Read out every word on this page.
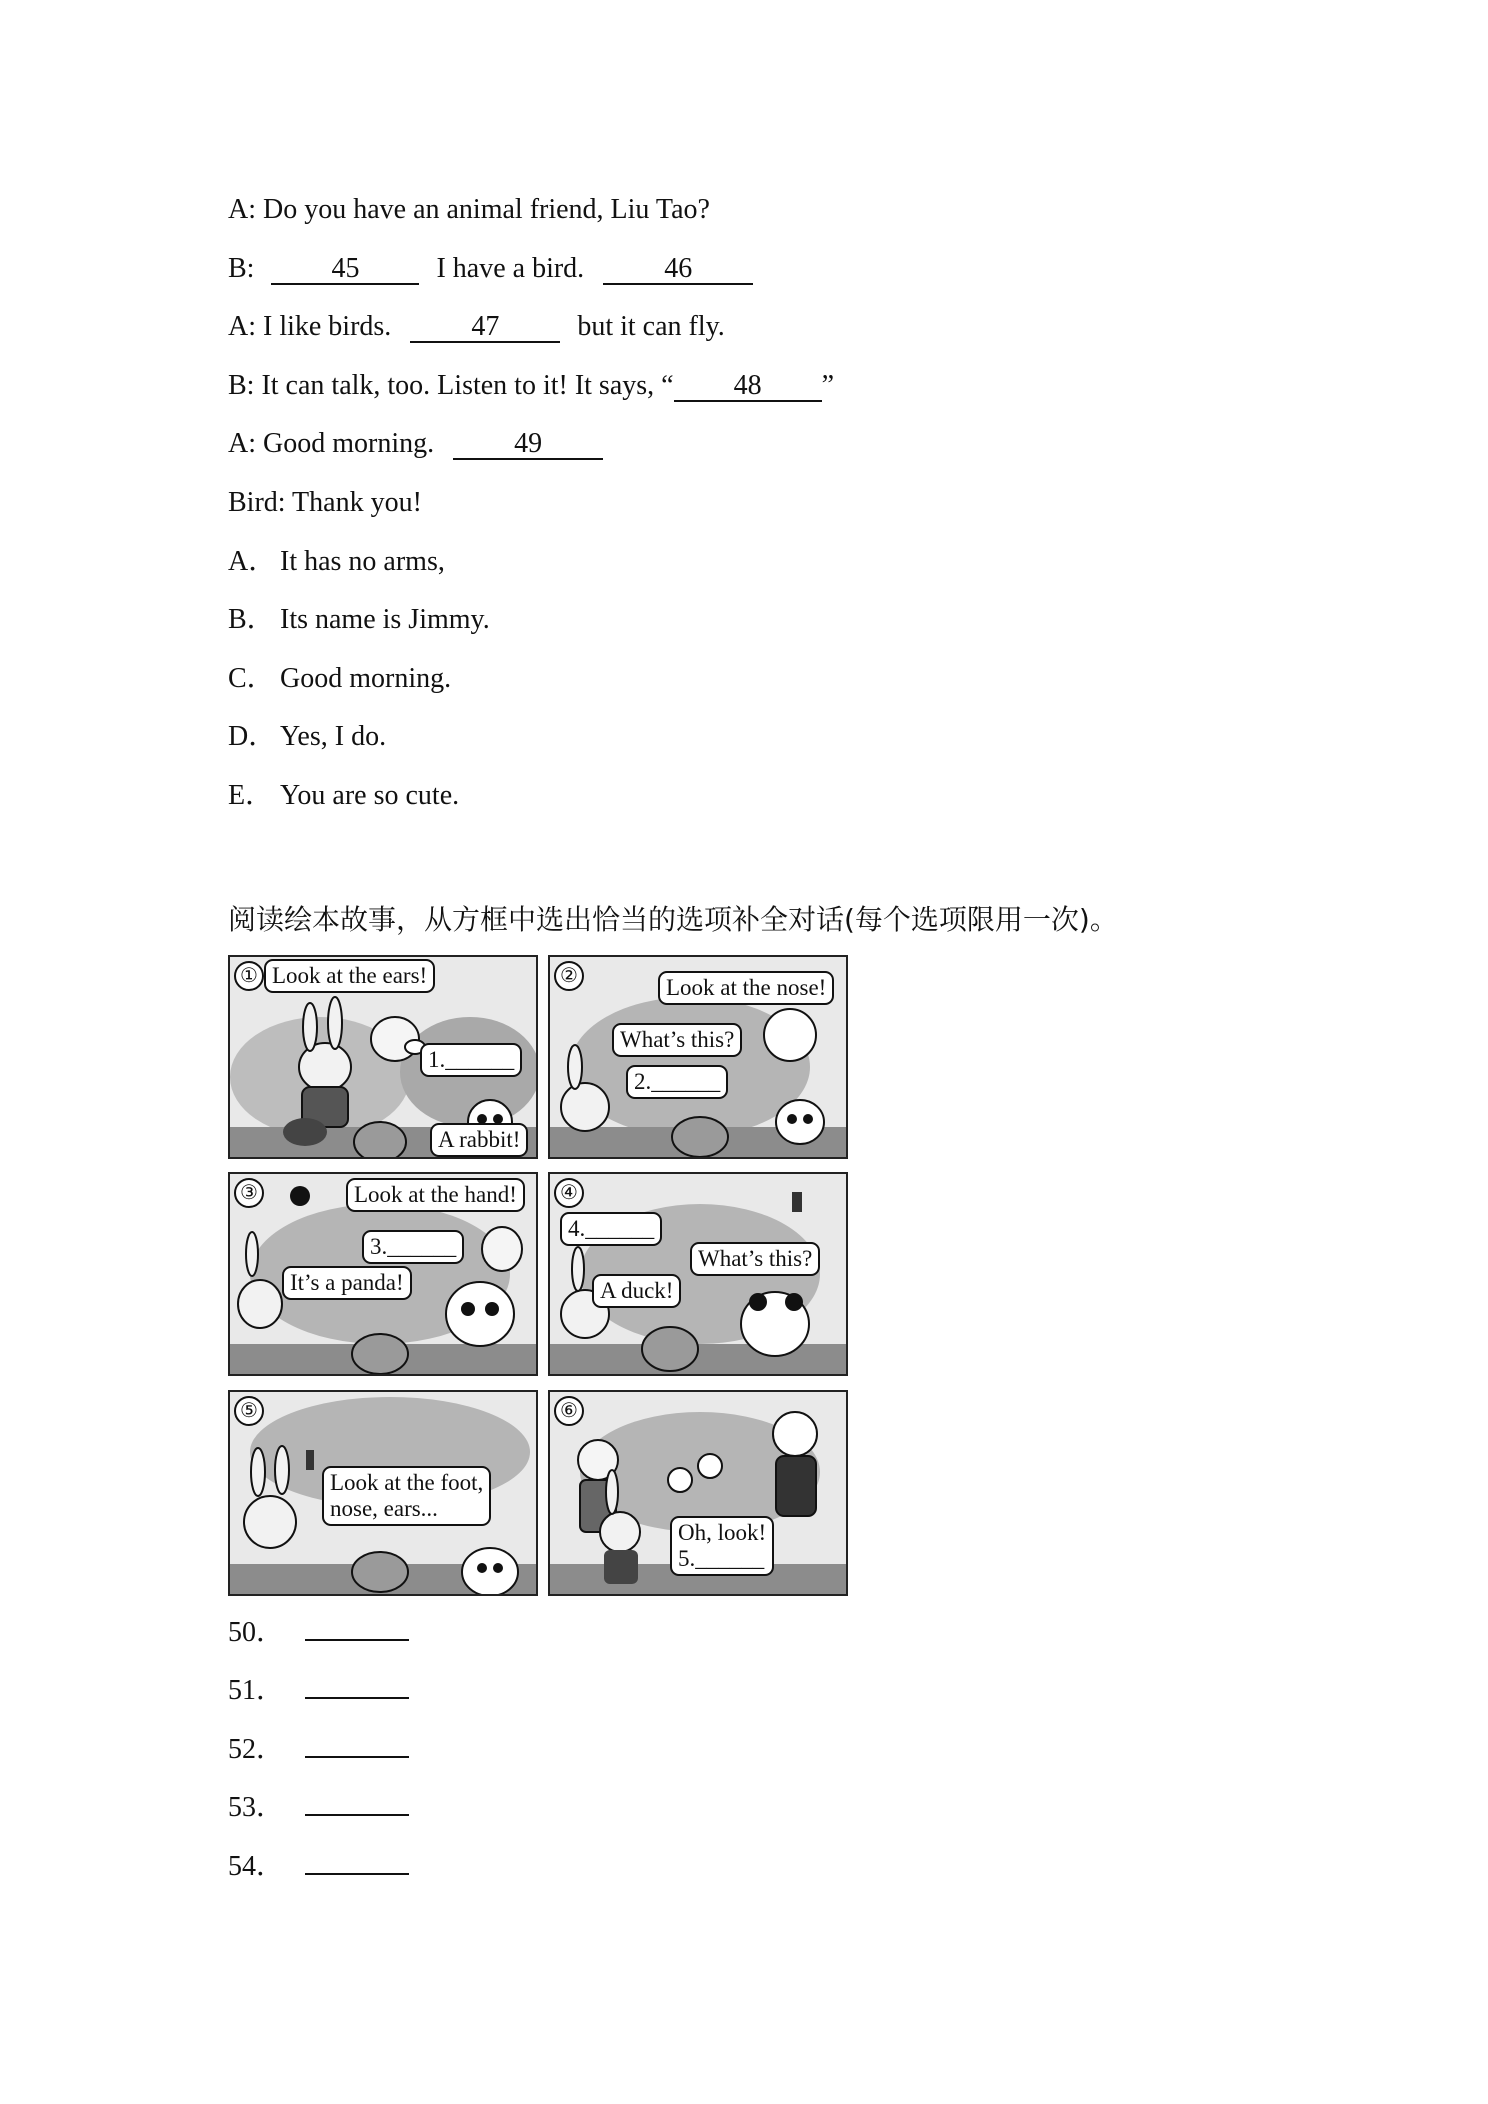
A: Do you have an animal friend, Liu Tao?
B:	45	I have a bird.	46
A: I like birds.	47	but it can fly.
B: It can talk, too. Listen to it! It says, “ 48 ”
A: Good morning.	49
Bird: Thank you!
A． It has no arms,
B． Its name is Jimmy.
C． Good morning.
D． Yes, I do.
E． You are so cute.
阅读绘本故事，从方框中选出恰当的选项补全对话(每个选项限用一次)。
① Look at the ears!
1.______
A rabbit!
②	Look at the nose!
What’s this?
2.______
③	Look at the hand!
3.______
It’s a panda!
④
4.______
What’s this?
A duck!
⑤
Look at the foot,
nose, ears...
⑥
Oh, look!
5.______
50．
51．
52．
53．
54．
